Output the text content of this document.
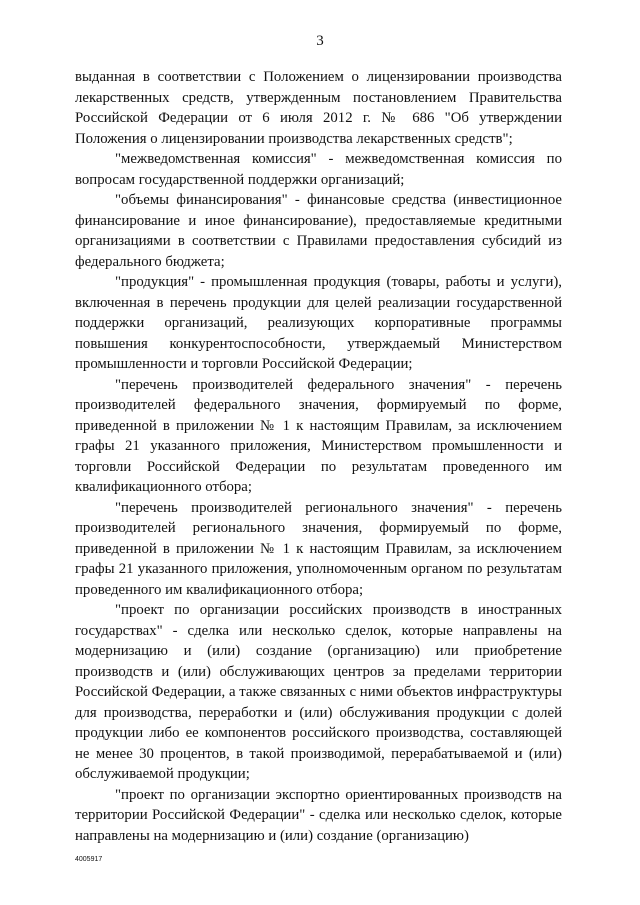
3

выданная в соответствии с Положением о лицензировании производства лекарственных средств, утвержденным постановлением Правительства Российской Федерации от 6 июля 2012 г. № 686 "Об утверждении Положения о лицензировании производства лекарственных средств";

"межведомственная комиссия" - межведомственная комиссия по вопросам государственной поддержки организаций;

"объемы финансирования" - финансовые средства (инвестиционное финансирование и иное финансирование), предоставляемые кредитными организациями в соответствии с Правилами предоставления субсидий из федерального бюджета;

"продукция" - промышленная продукция (товары, работы и услуги), включенная в перечень продукции для целей реализации государственной поддержки организаций, реализующих корпоративные программы повышения конкурентоспособности, утверждаемый Министерством промышленности и торговли Российской Федерации;

"перечень производителей федерального значения" - перечень производителей федерального значения, формируемый по форме, приведенной в приложении № 1 к настоящим Правилам, за исключением графы 21 указанного приложения, Министерством промышленности и торговли Российской Федерации по результатам проведенного им квалификационного отбора;

"перечень производителей регионального значения" - перечень производителей регионального значения, формируемый по форме, приведенной в приложении № 1 к настоящим Правилам, за исключением графы 21 указанного приложения, уполномоченным органом по результатам проведенного им квалификационного отбора;

"проект по организации российских производств в иностранных государствах" - сделка или несколько сделок, которые направлены на модернизацию и (или) создание (организацию) или приобретение производств и (или) обслуживающих центров за пределами территории Российской Федерации, а также связанных с ними объектов инфраструктуры для производства, переработки и (или) обслуживания продукции с долей продукции либо ее компонентов российского производства, составляющей не менее 30 процентов, в такой производимой, перерабатываемой и (или) обслуживаемой продукции;

"проект по организации экспортно ориентированных производств на территории Российской Федерации" - сделка или несколько сделок, которые направлены на модернизацию и (или) создание (организацию)

4005917
